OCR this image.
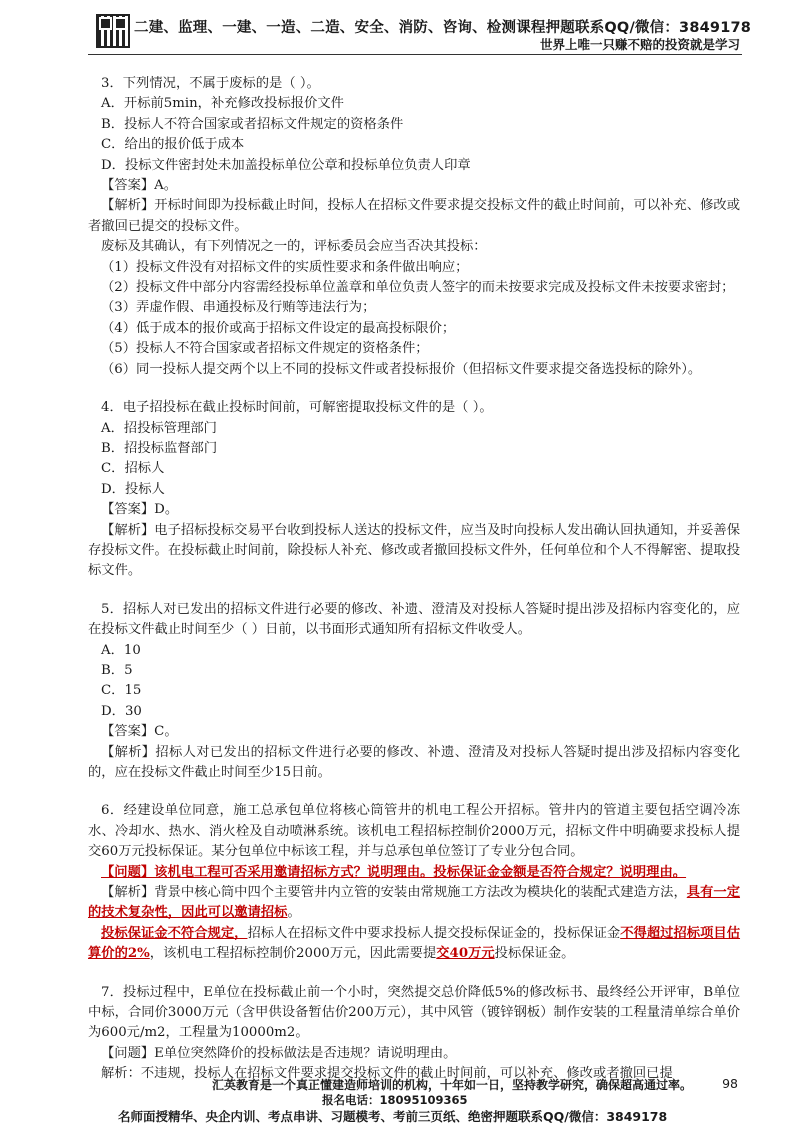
二建、监理、一建、一造、二造、安全、消防、咨询、检测课程押题联系QQ/微信：3849178
世界上唯一只赚不赔的投资就是学习

3．下列情况，不属于废标的是（ ）。

A．开标前5min，补充修改投标报价文件

B．投标人不符合国家或者招标文件规定的资格条件

C．给出的报价低于成本

D．投标文件密封处未加盖投标单位公章和投标单位负责人印章

【答案】A。

【解析】开标时间即为投标截止时间，投标人在招标文件要求提交投标文件的截止时间前，可以补充、修改或者撤回已提交的投标文件。

废标及其确认，有下列情况之一的，评标委员会应当否决其投标：

（1）投标文件没有对招标文件的实质性要求和条件做出响应；

（2）投标文件中部分内容需经投标单位盖章和单位负责人签字的而未按要求完成及投标文件未按要求密封；

（3）弄虚作假、串通投标及行贿等违法行为；

（4）低于成本的报价或高于招标文件设定的最高投标限价；

（5）投标人不符合国家或者招标文件规定的资格条件；

（6）同一投标人提交两个以上不同的投标文件或者投标报价（但招标文件要求提交备选投标的除外）。

4．电子招投标在截止投标时间前，可解密提取投标文件的是（ ）。

A．招投标管理部门

B．招投标监督部门

C．招标人

D．投标人

【答案】D。

【解析】电子招标投标交易平台收到投标人送达的投标文件，应当及时向投标人发出确认回执通知，并妥善保存投标文件。在投标截止时间前，除投标人补充、修改或者撤回投标文件外，任何单位和个人不得解密、提取投标文件。

5．招标人对已发出的招标文件进行必要的修改、补遗、澄清及对投标人答疑时提出涉及招标内容变化的，应在投标文件截止时间至少（ ）日前，以书面形式通知所有招标文件收受人。

A．10

B．5

C．15

D．30

【答案】C。

【解析】招标人对已发出的招标文件进行必要的修改、补遗、澄清及对投标人答疑时提出涉及招标内容变化的，应在投标文件截止时间至少15日前。

6．经建设单位同意，施工总承包单位将核心筒管井的机电工程公开招标。管井内的管道主要包括空调冷冻水、冷却水、热水、消火栓及自动喷淋系统。该机电工程招标控制价2000万元，招标文件中明确要求投标人提交60万元投标保证。某分包单位中标该工程，并与总承包单位签订了专业分包合同。

【问题】该机电工程可否采用邀请招标方式？说明理由。投标保证金金额是否符合规定？说明理由。

【解析】背景中核心筒中四个主要管井内立管的安装由常规施工方法改为模块化的装配式建造方法，具有一定的技术复杂性，因此可以邀请招标。

投标保证金不符合规定，招标人在招标文件中要求投标人提交投标保证金的，投标保证金不得超过招标项目估算价的2%，该机电工程招标控制价2000万元，因此需要提交40万元投标保证金。

7．投标过程中，E单位在投标截止前一个小时，突然提交总价降低5%的修改标书、最终经公开评审，B单位中标，合同价3000万元（含甲供设备暂估价200万元），其中风管（镀锌钢板）制作安装的工程量清单综合单价为600元/m2，工程量为10000m2。

【问题】E单位突然降价的投标做法是否违规？请说明理由。

解析：不违规，投标人在招标文件要求提交投标文件的截止时间前，可以补充、修改或者撤回已提

汇英教育是一个真正懂建造师培训的机构，十年如一日，坚持教学研究，确保超高通过率。 98
报名电话：18095109365
名师面授精华、央企内训、考点串讲、习题模考、考前三页纸、绝密押题联系QQ/微信：3849178
